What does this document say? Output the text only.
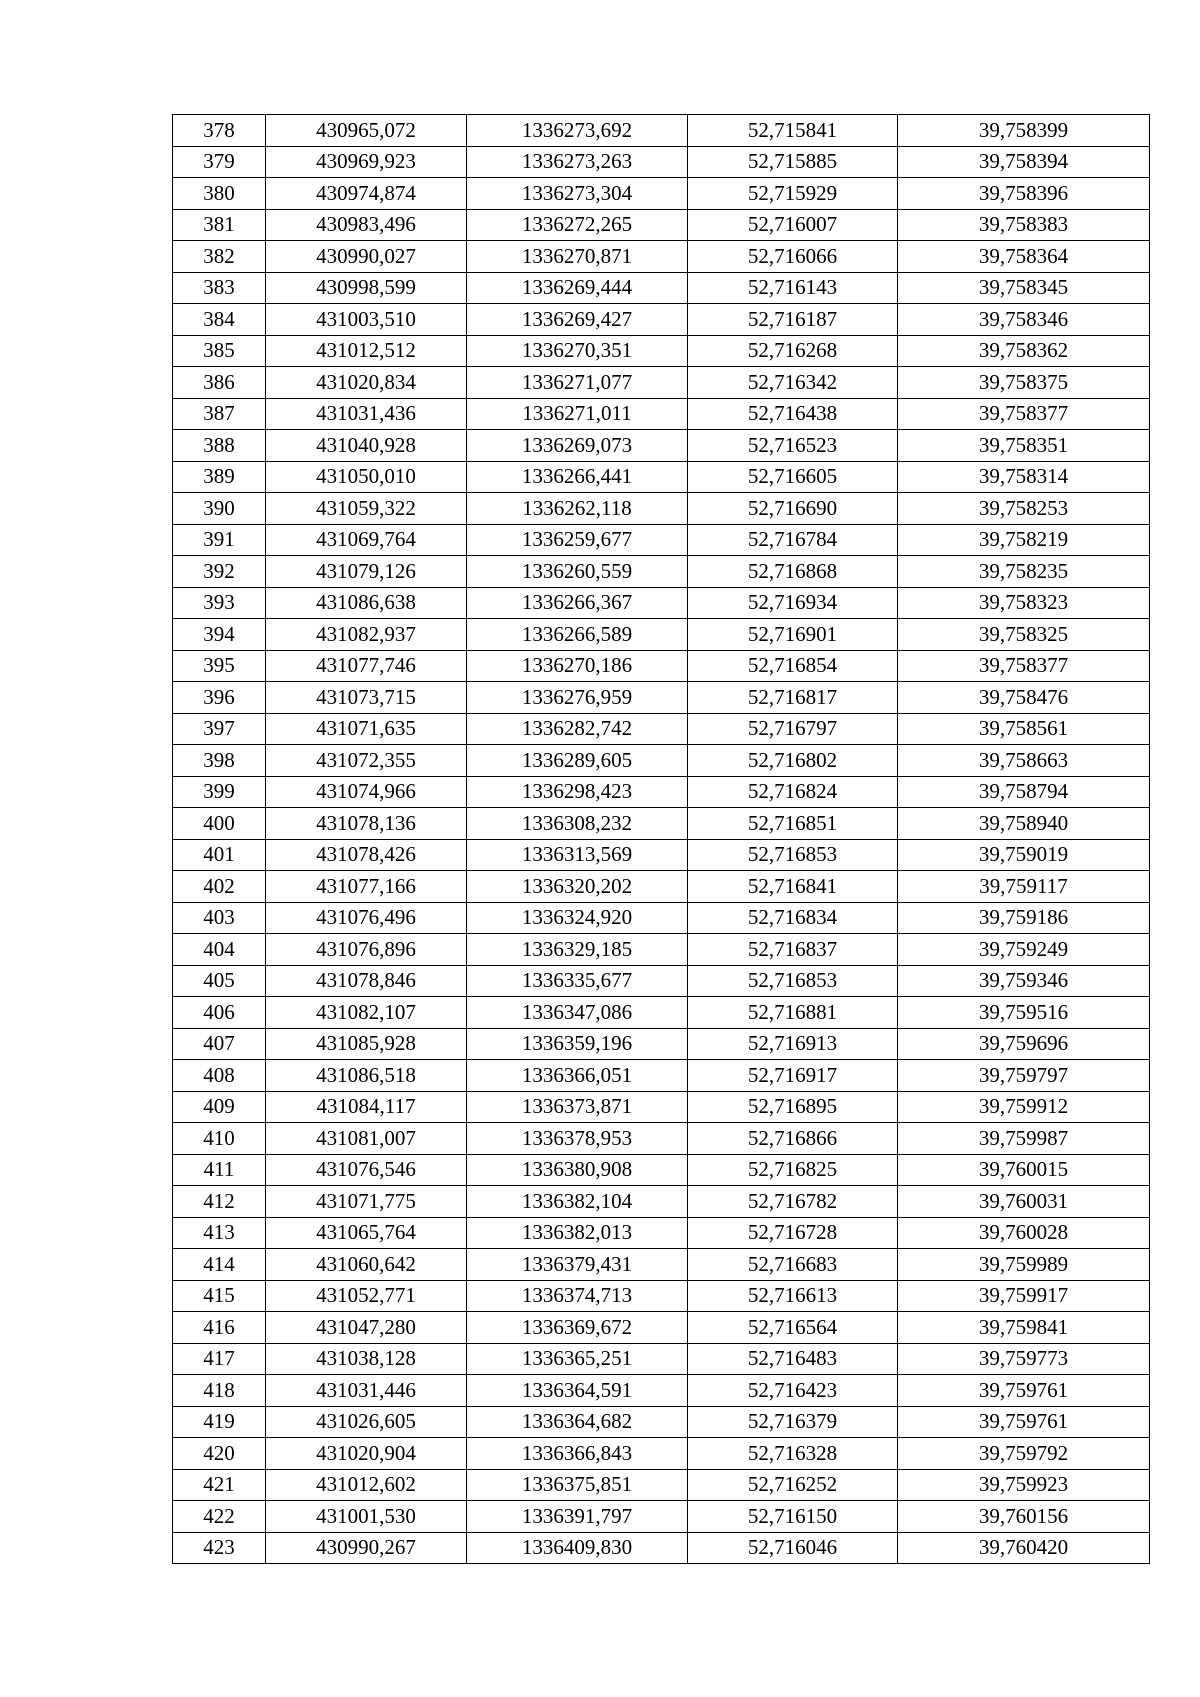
378	430965,072	1336273,692	52,715841	39,758399
379	430969,923	1336273,263	52,715885	39,758394
380	430974,874	1336273,304	52,715929	39,758396
381	430983,496	1336272,265	52,716007	39,758383
382	430990,027	1336270,871	52,716066	39,758364
383	430998,599	1336269,444	52,716143	39,758345
384	431003,510	1336269,427	52,716187	39,758346
385	431012,512	1336270,351	52,716268	39,758362
386	431020,834	1336271,077	52,716342	39,758375
387	431031,436	1336271,011	52,716438	39,758377
388	431040,928	1336269,073	52,716523	39,758351
389	431050,010	1336266,441	52,716605	39,758314
390	431059,322	1336262,118	52,716690	39,758253
391	431069,764	1336259,677	52,716784	39,758219
392	431079,126	1336260,559	52,716868	39,758235
393	431086,638	1336266,367	52,716934	39,758323
394	431082,937	1336266,589	52,716901	39,758325
395	431077,746	1336270,186	52,716854	39,758377
396	431073,715	1336276,959	52,716817	39,758476
397	431071,635	1336282,742	52,716797	39,758561
398	431072,355	1336289,605	52,716802	39,758663
399	431074,966	1336298,423	52,716824	39,758794
400	431078,136	1336308,232	52,716851	39,758940
401	431078,426	1336313,569	52,716853	39,759019
402	431077,166	1336320,202	52,716841	39,759117
403	431076,496	1336324,920	52,716834	39,759186
404	431076,896	1336329,185	52,716837	39,759249
405	431078,846	1336335,677	52,716853	39,759346
406	431082,107	1336347,086	52,716881	39,759516
407	431085,928	1336359,196	52,716913	39,759696
408	431086,518	1336366,051	52,716917	39,759797
409	431084,117	1336373,871	52,716895	39,759912
410	431081,007	1336378,953	52,716866	39,759987
411	431076,546	1336380,908	52,716825	39,760015
412	431071,775	1336382,104	52,716782	39,760031
413	431065,764	1336382,013	52,716728	39,760028
414	431060,642	1336379,431	52,716683	39,759989
415	431052,771	1336374,713	52,716613	39,759917
416	431047,280	1336369,672	52,716564	39,759841
417	431038,128	1336365,251	52,716483	39,759773
418	431031,446	1336364,591	52,716423	39,759761
419	431026,605	1336364,682	52,716379	39,759761
420	431020,904	1336366,843	52,716328	39,759792
421	431012,602	1336375,851	52,716252	39,759923
422	431001,530	1336391,797	52,716150	39,760156
423	430990,267	1336409,830	52,716046	39,760420
